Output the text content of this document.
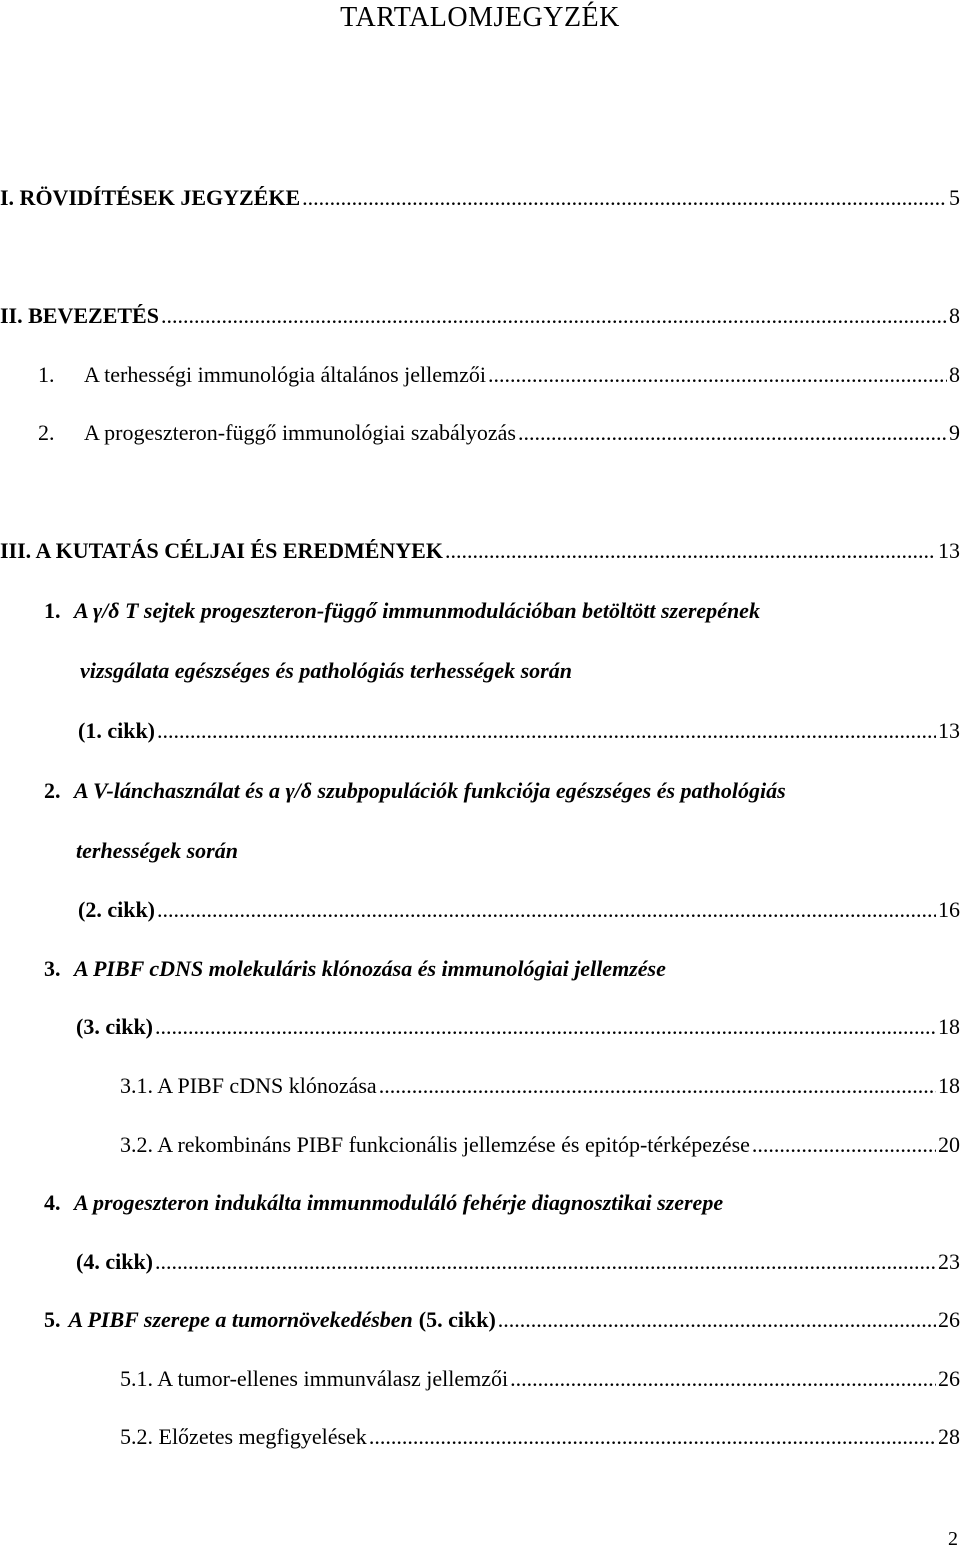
TARTALOMJEGYZÉK
I. RÖVIDÍTÉSEK JEGYZÉKE .....	5
II. BEVEZETÉS .....	8
1.	A terhességi immunológia általános jellemzői .....	8
2.	A progeszteron-függő immunológiai szabályozás .....	9
III. A KUTATÁS CÉLJAI ÉS EREDMÉNYEK .....	13
1. A γ/δ T sejtek progeszteron-függő immunmodulációban betöltött szerepének
vizsgálata egészséges és pathológiás terhességek során
(1. cikk) .....	13
2. A V-lánchasználat és a γ/δ szubpopulációk funkciója egészséges és pathológiás
terhességek során
(2. cikk) .....	16
3. A PIBF cDNS molekuláris klónozása és immunológiai jellemzése
(3. cikk) .....	18
3.1. A PIBF cDNS klónozása .....	18
3.2. A rekombináns PIBF funkcionális jellemzése és epitóp-térképezése .....	20
4. A progeszteron indukálta immunmoduláló fehérje diagnosztikai szerepe
(4. cikk) .....	23
5. A PIBF szerepe a tumornövekedésben (5. cikk) .....	26
5.1. A tumor-ellenes immunválasz jellemzői .....	26
5.2. Előzetes megfigyelések .....	28
2
